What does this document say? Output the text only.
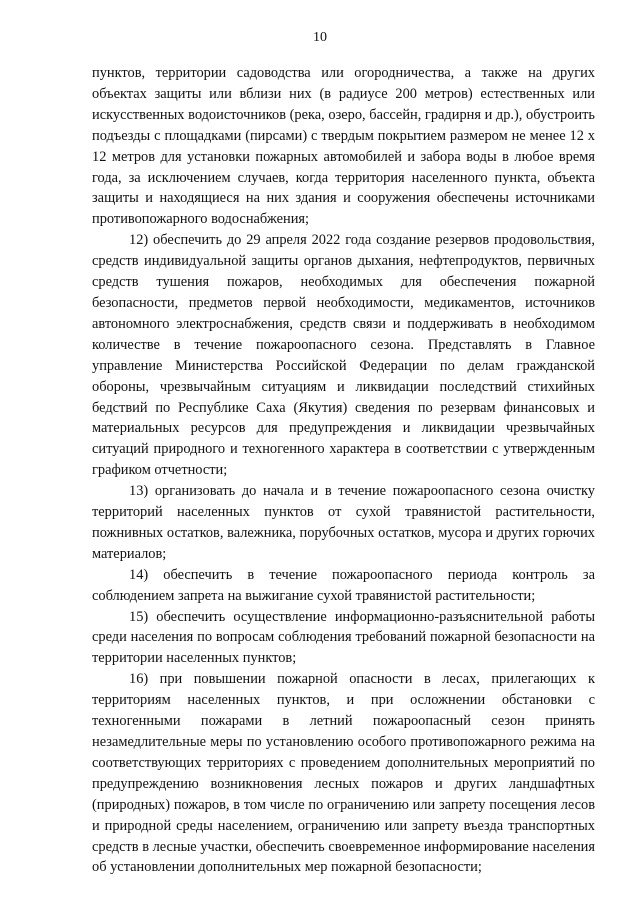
10

пунктов, территории садоводства или огородничества, а также на других объектах защиты или вблизи них (в радиусе 200 метров) естественных или искусственных водоисточников (река, озеро, бассейн, градирня и др.), обустроить подъезды с площадками (пирсами) с твердым покрытием размером не менее 12 х 12 метров для установки пожарных автомобилей и забора воды в любое время года, за исключением случаев, когда территория населенного пункта, объекта защиты и находящиеся на них здания и сооружения обеспечены источниками противопожарного водоснабжения;

12) обеспечить до 29 апреля 2022 года создание резервов продовольствия, средств индивидуальной защиты органов дыхания, нефтепродуктов, первичных средств тушения пожаров, необходимых для обеспечения пожарной безопасности, предметов первой необходимости, медикаментов, источников автономного электроснабжения, средств связи и поддерживать в необходимом количестве в течение пожароопасного сезона. Представлять в Главное управление Министерства Российской Федерации по делам гражданской обороны, чрезвычайным ситуациям и ликвидации последствий стихийных бедствий по Республике Саха (Якутия) сведения по резервам финансовых и материальных ресурсов для предупреждения и ликвидации чрезвычайных ситуаций природного и техногенного характера в соответствии с утвержденным графиком отчетности;

13) организовать до начала и в течение пожароопасного сезона очистку территорий населенных пунктов от сухой травянистой растительности, пожнивных остатков, валежника, порубочных остатков, мусора и других горючих материалов;

14) обеспечить в течение пожароопасного периода контроль за соблюдением запрета на выжигание сухой травянистой растительности;

15) обеспечить осуществление информационно-разъяснительной работы среди населения по вопросам соблюдения требований пожарной безопасности на территории населенных пунктов;

16) при повышении пожарной опасности в лесах, прилегающих к территориям населенных пунктов, и при осложнении обстановки с техногенными пожарами в летний пожароопасный сезон принять незамедлительные меры по установлению особого противопожарного режима на соответствующих территориях с проведением дополнительных мероприятий по предупреждению возникновения лесных пожаров и других ландшафтных (природных) пожаров, в том числе по ограничению или запрету посещения лесов и природной среды населением, ограничению или запрету въезда транспортных средств в лесные участки, обеспечить своевременное информирование населения об установлении дополнительных мер пожарной безопасности;
